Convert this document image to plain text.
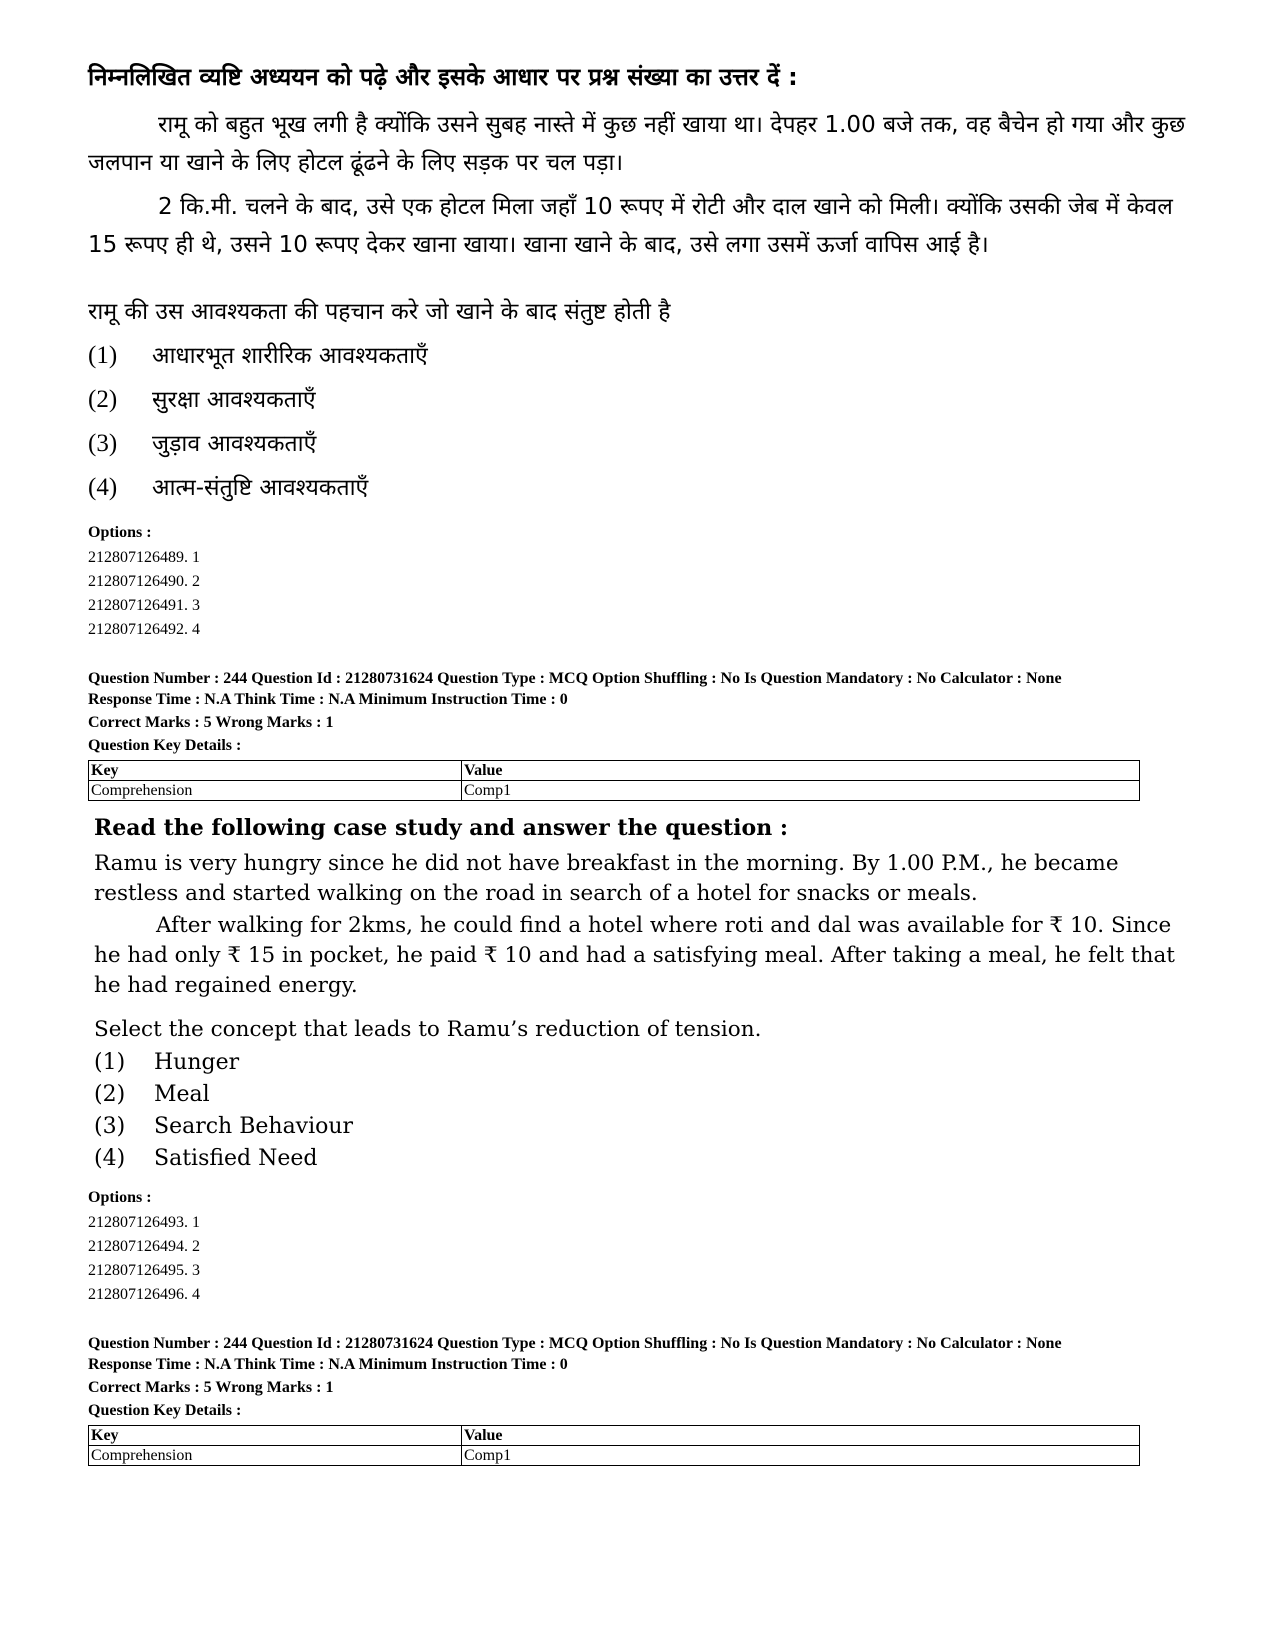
निम्नलिखित व्यष्टि अध्ययन को पढ़े और इसके आधार पर प्रश्न संख्या का उत्तर दें :

रामू को बहुत भूख लगी है क्योंकि उसने सुबह नास्ते में कुछ नहीं खाया था। देपहर 1.00 बजे तक, वह बैचेन हो गया और कुछ जलपान या खाने के लिए होटल ढूंढने के लिए सड़क पर चल पड़ा।

2 कि.मी. चलने के बाद, उसे एक होटल मिला जहाँ 10 रूपए में रोटी और दाल खाने को मिली। क्योंकि उसकी जेब में केवल 15 रूपए ही थे, उसने 10 रूपए देकर खाना खाया। खाना खाने के बाद, उसे लगा उसमें ऊर्जा वापिस आई है।

रामू की उस आवश्यकता की पहचान करे जो खाने के बाद संतुष्ट होती है

(1)	आधारभूत शारीरिक आवश्यकताएँ
(2)	सुरक्षा आवश्यकताएँ
(3)	जुड़ाव आवश्यकताएँ
(4)	आत्म-संतुष्टि आवश्यकताएँ

Options :

212807126489. 1
212807126490. 2
212807126491. 3
212807126492. 4
Question Number : 244 Question Id : 21280731624 Question Type : MCQ Option Shuffling : No Is Question Mandatory : No Calculator : None
Response Time : N.A Think Time : N.A Minimum Instruction Time : 0
Correct Marks : 5 Wrong Marks : 1
Question Key Details :
Key	Value
Comprehension	Comp1

Read the following case study and answer the question :

Ramu is very hungry since he did not have breakfast in the morning. By 1.00 P.M., he became restless and started walking on the road in search of a hotel for snacks or meals.

After walking for 2kms, he could find a hotel where roti and dal was available for ₹ 10. Since he had only ₹ 15 in pocket, he paid ₹ 10 and had a satisfying meal. After taking a meal, he felt that he had regained energy.

Select the concept that leads to Ramu’s reduction of tension.

(1)	Hunger
(2)	Meal
(3)	Search Behaviour
(4)	Satisfied Need

Options :

212807126493. 1
212807126494. 2
212807126495. 3
212807126496. 4
Question Number : 244 Question Id : 21280731624 Question Type : MCQ Option Shuffling : No Is Question Mandatory : No Calculator : None
Response Time : N.A Think Time : N.A Minimum Instruction Time : 0
Correct Marks : 5 Wrong Marks : 1
Question Key Details :
Key	Value
Comprehension	Comp1
